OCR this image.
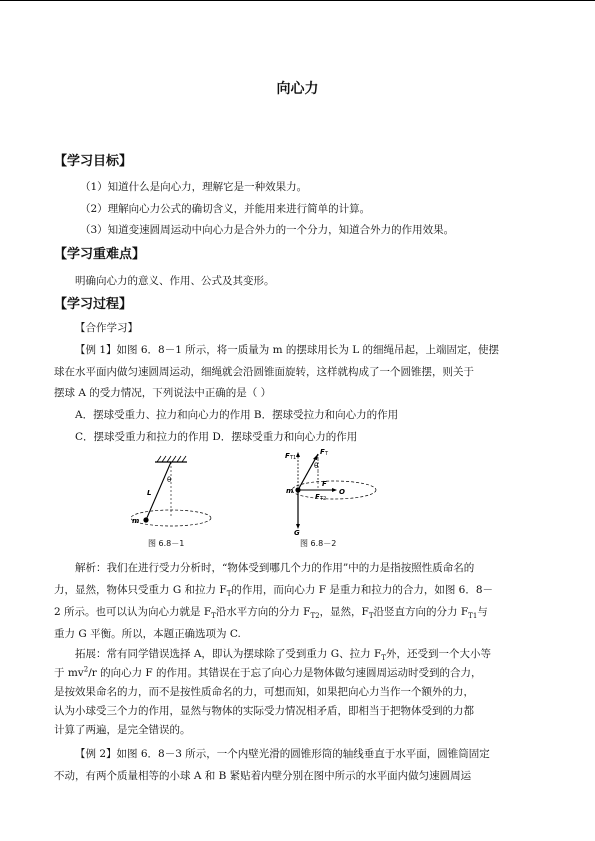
向心力
【学习目标】
（1）知道什么是向心力，理解它是一种效果力。
（2）理解向心力公式的确切含义，并能用来进行简单的计算。
（3）知道变速圆周运动中向心力是合外力的一个分力，知道合外力的作用效果。
【学习重难点】
明确向心力的意义、作用、公式及其变形。
【学习过程】
【合作学习】
【例 1】如图 6．8－1 所示，将一质量为 m 的摆球用长为 L 的细绳吊起，上端固定，使摆
球在水平面内做匀速圆周运动，细绳就会沿圆锥面旋转，这样就构成了一个圆锥摆，则关于
摆球 A 的受力情况，下列说法中正确的是（ ）
A．摆球受重力、拉力和向心力的作用 B．摆球受拉力和向心力的作用
C．摆球受重力和拉力的作用 D．摆球受重力和向心力的作用
L
θ
m
图 6.8－1
F T1
F T
θ
m
F
F T2
O
G
图 6.8－2
解析：我们在进行受力分析时，“物体受到哪几个力的作用”中的力是指按照性质命名的
力，显然，物体只受重力 G 和拉力 $F_T$的作用，而向心力 F 是重力和拉力的合力，如图 6．8－
2 所示。也可以认为向心力就是 $F_T$沿水平方向的分力 $F_{T2}$，显然，$F_T$沿竖直方向的分力 $F_{T1}$与
重力 G 平衡。所以，本题正确选项为 C.
拓展：常有同学错误选择 A，即认为摆球除了受到重力 G、拉力 $F_T$外，还受到一个大小等
于 $mv^2/r$ 的向心力 F 的作用。其错误在于忘了向心力是物体做匀速圆周运动时受到的合力，
是按效果命名的力，而不是按性质命名的力，可想而知，如果把向心力当作一个额外的力，
认为小球受三个力的作用，显然与物体的实际受力情况相矛盾，即相当于把物体受到的力都
计算了两遍，是完全错误的。
【例 2】如图 6．8－3 所示，一个内壁光滑的圆锥形筒的轴线垂直于水平面，圆锥筒固定
不动，有两个质量相等的小球 A 和 B 紧贴着内壁分别在图中所示的水平面内做匀速圆周运
